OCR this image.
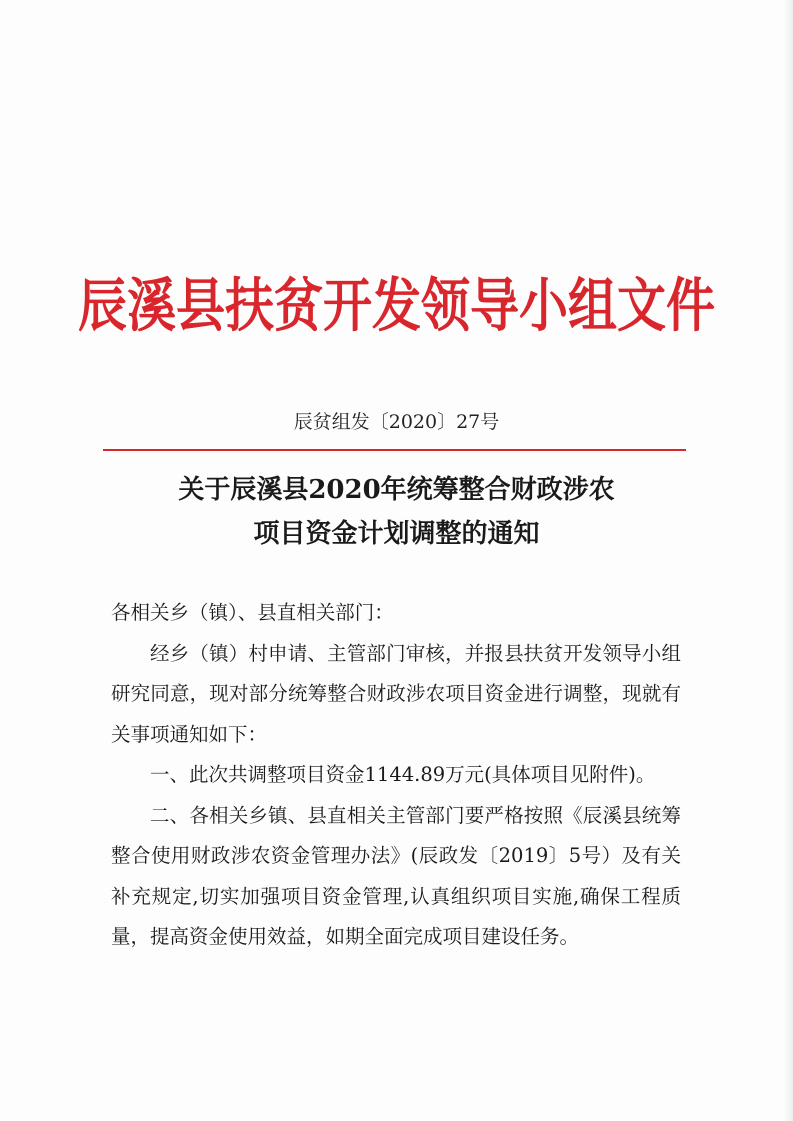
辰溪县扶贫开发领导小组文件
辰贫组发〔2020〕27号
关于辰溪县2020年统筹整合财政涉农
项目资金计划调整的通知

各相关乡（镇）、县直相关部门：

经乡（镇）村申请、主管部门审核，并报县扶贫开发领导小组研究同意，现对部分统筹整合财政涉农项目资金进行调整，现就有关事项通知如下：

一、此次共调整项目资金1144.89万元(具体项目见附件)。

二、各相关乡镇、县直相关主管部门要严格按照《辰溪县统筹整合使用财政涉农资金管理办法》(辰政发〔2019〕5号）及有关补充规定,切实加强项目资金管理,认真组织项目实施,确保工程质量，提高资金使用效益，如期全面完成项目建设任务。
